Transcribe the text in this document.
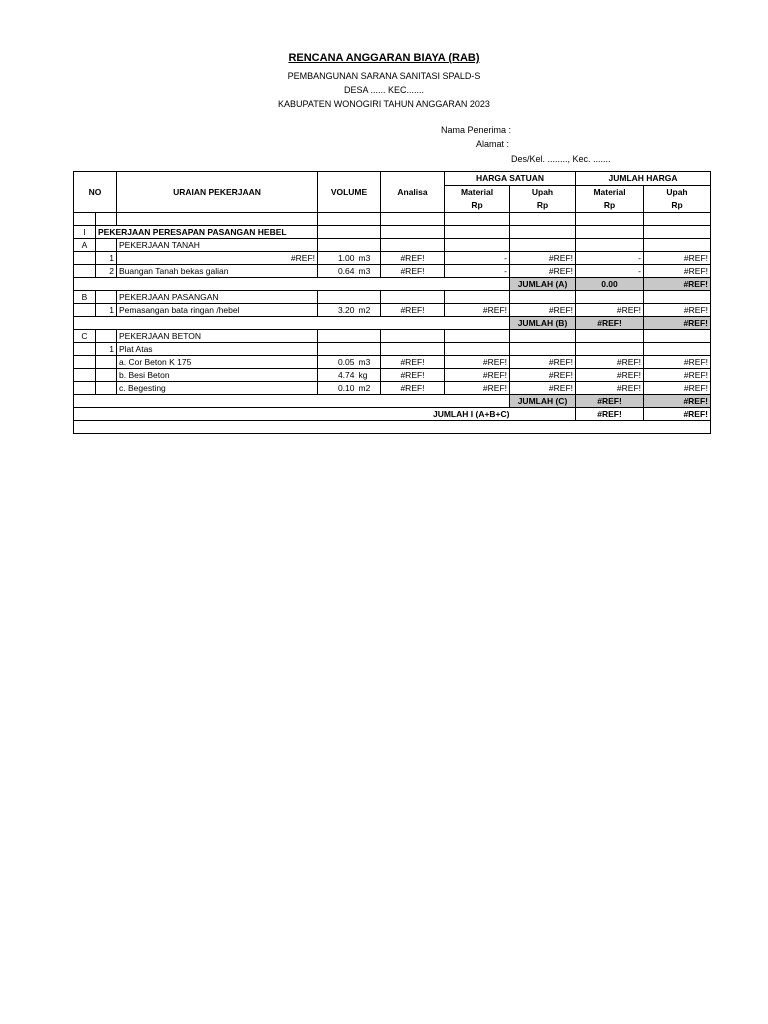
RENCANA ANGGARAN BIAYA (RAB)
PEMBANGUNAN SARANA SANITASI SPALD-S
DESA ...... KEC.......
KABUPATEN WONOGIRI TAHUN ANGGARAN 2023
Nama Penerima :
Alamat :
Des/Kel. ........, Kec. .......
NO		URAIAN PEKERJAAN	VOLUME		Analisa	HARGA SATUAN		JUMLAH HARGA	
						Material	Upah	Material	Upah
						Rp	Rp	Rp	Rp

I	PEKERJAAN PERESAPAN PASANGAN HEBEL								
A		PEKERJAAN TANAH							
	1	#REF!	1.00	m3	#REF!	-	#REF!	-	#REF!
	2	Buangan Tanah bekas galian	0.64	m3	#REF!	-	#REF!	-	#REF!
							JUMLAH (A)	0.00	#REF!
B		PEKERJAAN PASANGAN							
	1	Pemasangan bata ringan /hebel	3.20	m2	#REF!	#REF!	#REF!	#REF!	#REF!
							JUMLAH (B)	#REF!	#REF!
C		PEKERJAAN BETON							
	1	Plat Atas							
		a. Cor Beton K 175	0.05	m3	#REF!	#REF!	#REF!	#REF!	#REF!
		b. Besi Beton	4.74	kg	#REF!	#REF!	#REF!	#REF!	#REF!
		c. Begesting	0.10	m2	#REF!	#REF!	#REF!	#REF!	#REF!
							JUMLAH (C)	#REF!	#REF!
JUMLAH I (A+B+C)								#REF!	#REF!
